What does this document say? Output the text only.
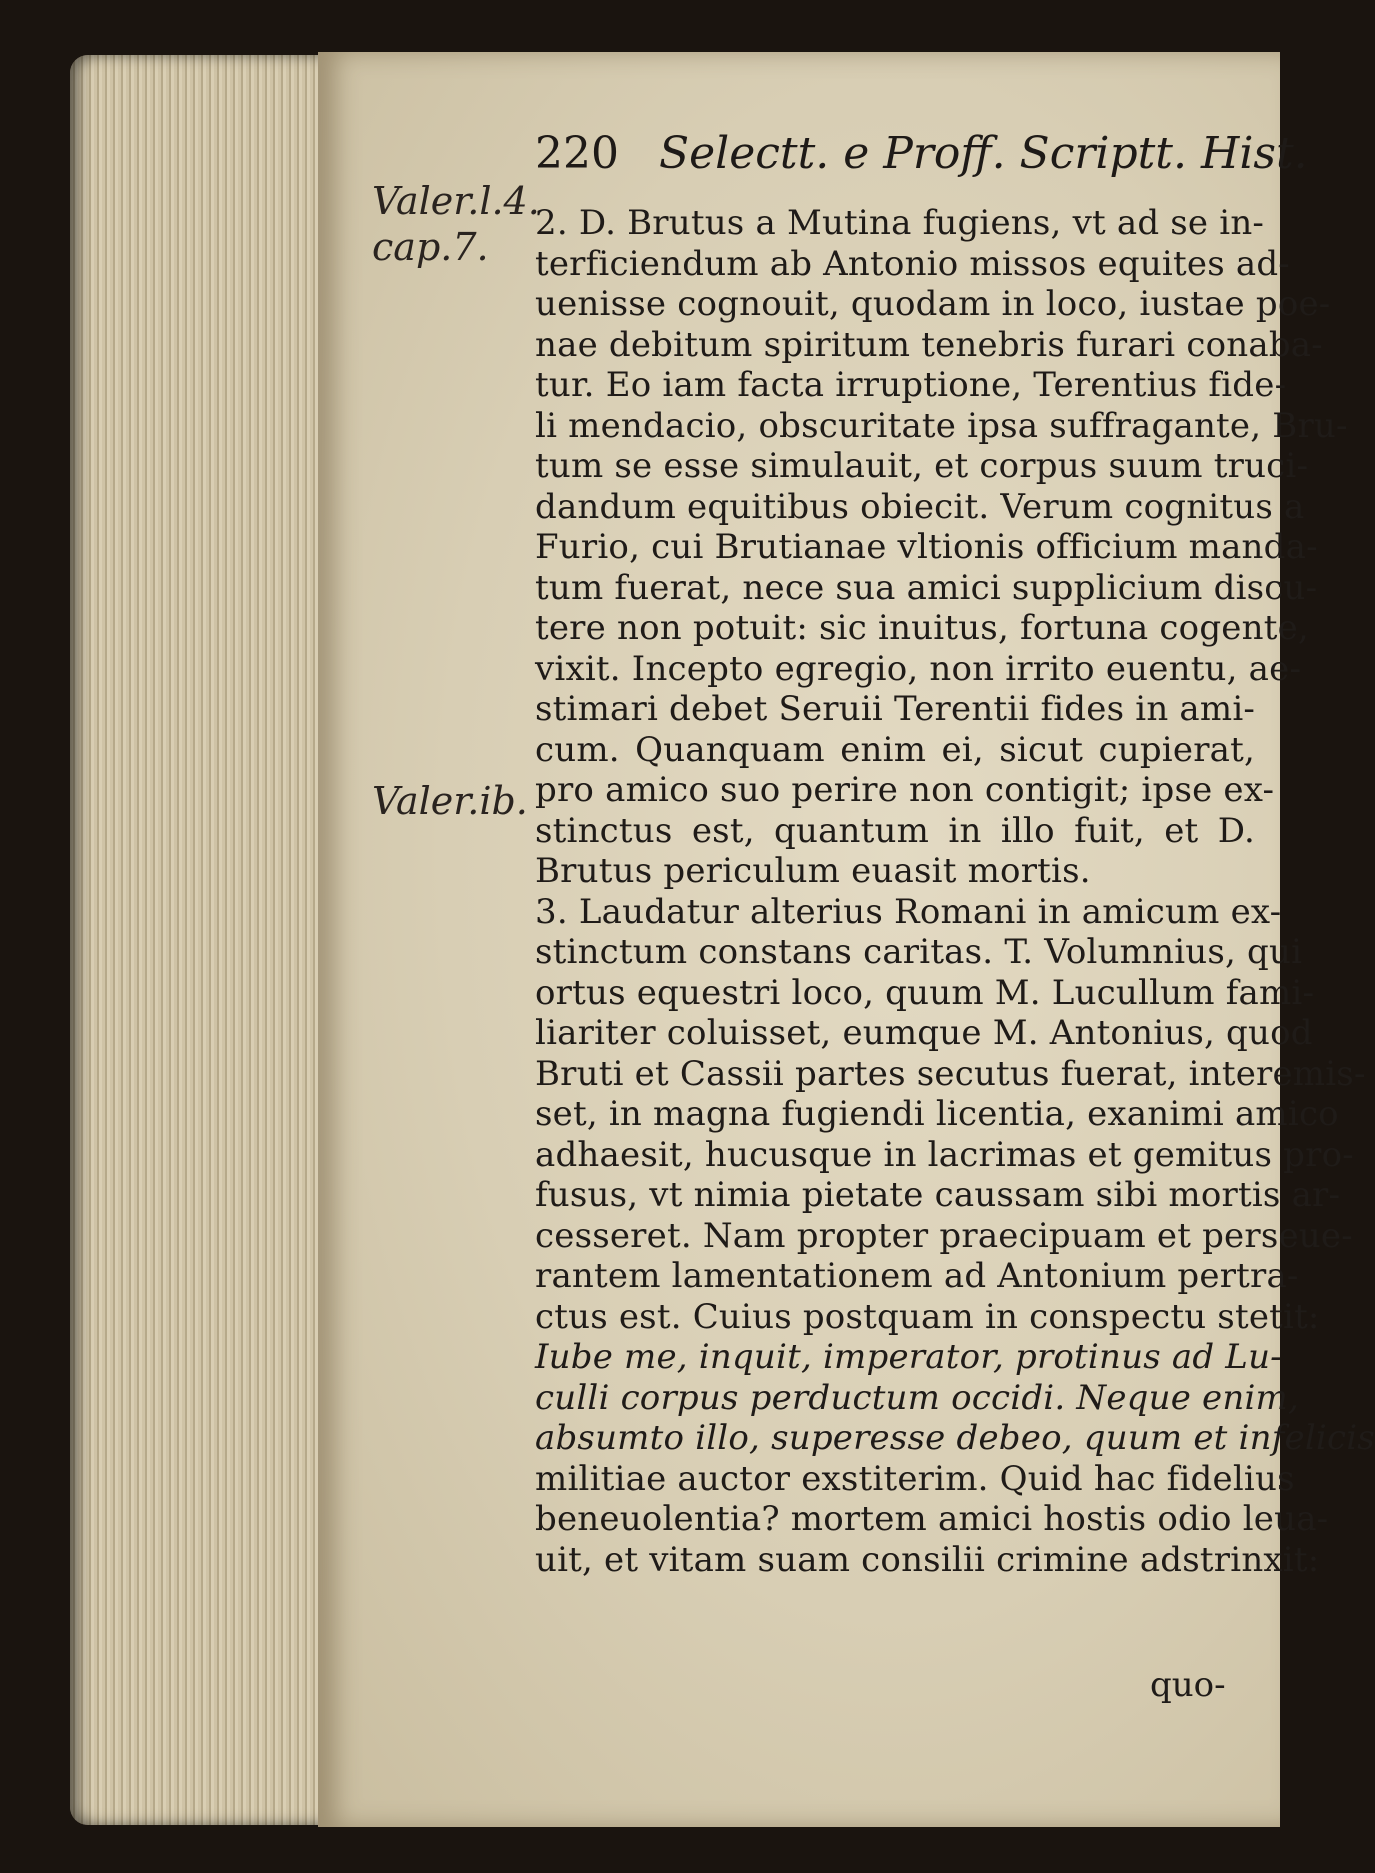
220 Selectt. e Proff. Scriptt. Hist.
Valer.l.4.
cap.7.
Valer.ib.
2. D. Brutus a Mutina fugiens, vt ad se in-
terficiendum ab Antonio missos equites ad-
uenisse cognouit, quodam in loco, iustae poe-
nae debitum spiritum tenebris furari conaba-
tur. Eo iam facta irruptione, Terentius fide-
li mendacio, obscuritate ipsa suffragante, Bru-
tum se esse simulauit, et corpus suum truci-
dandum equitibus obiecit. Verum cognitus a
Furio, cui Brutianae vltionis officium manda-
tum fuerat, nece sua amici supplicium discu-
tere non potuit: sic inuitus, fortuna cogente,
vixit. Incepto egregio, non irrito euentu, ae-
stimari debet Seruii Terentii fides in ami-
cum. Quanquam enim ei, sicut cupierat,
pro amico suo perire non contigit; ipse ex-
stinctus est, quantum in illo fuit, et D.
Brutus periculum euasit mortis.
3. Laudatur alterius Romani in amicum ex-
stinctum constans caritas. T. Volumnius, qui
ortus equestri loco, quum M. Lucullum fami-
liariter coluisset, eumque M. Antonius, quod
Bruti et Cassii partes secutus fuerat, interemis-
set, in magna fugiendi licentia, exanimi amico
adhaesit, hucusque in lacrimas et gemitus pro-
fusus, vt nimia pietate caussam sibi mortis ar-
cesseret. Nam propter praecipuam et perseue-
rantem lamentationem ad Antonium pertra-
ctus est. Cuius postquam in conspectu stetit:
Iube me, inquit, imperator, protinus ad Lu-
culli corpus perductum occidi. Neque enim,
absumto illo, superesse debeo, quum et infelicis
militiae auctor exstiterim. Quid hac fidelius
beneuolentia? mortem amici hostis odio leua-
uit, et vitam suam consilii crimine adstrinxit:
quo-
